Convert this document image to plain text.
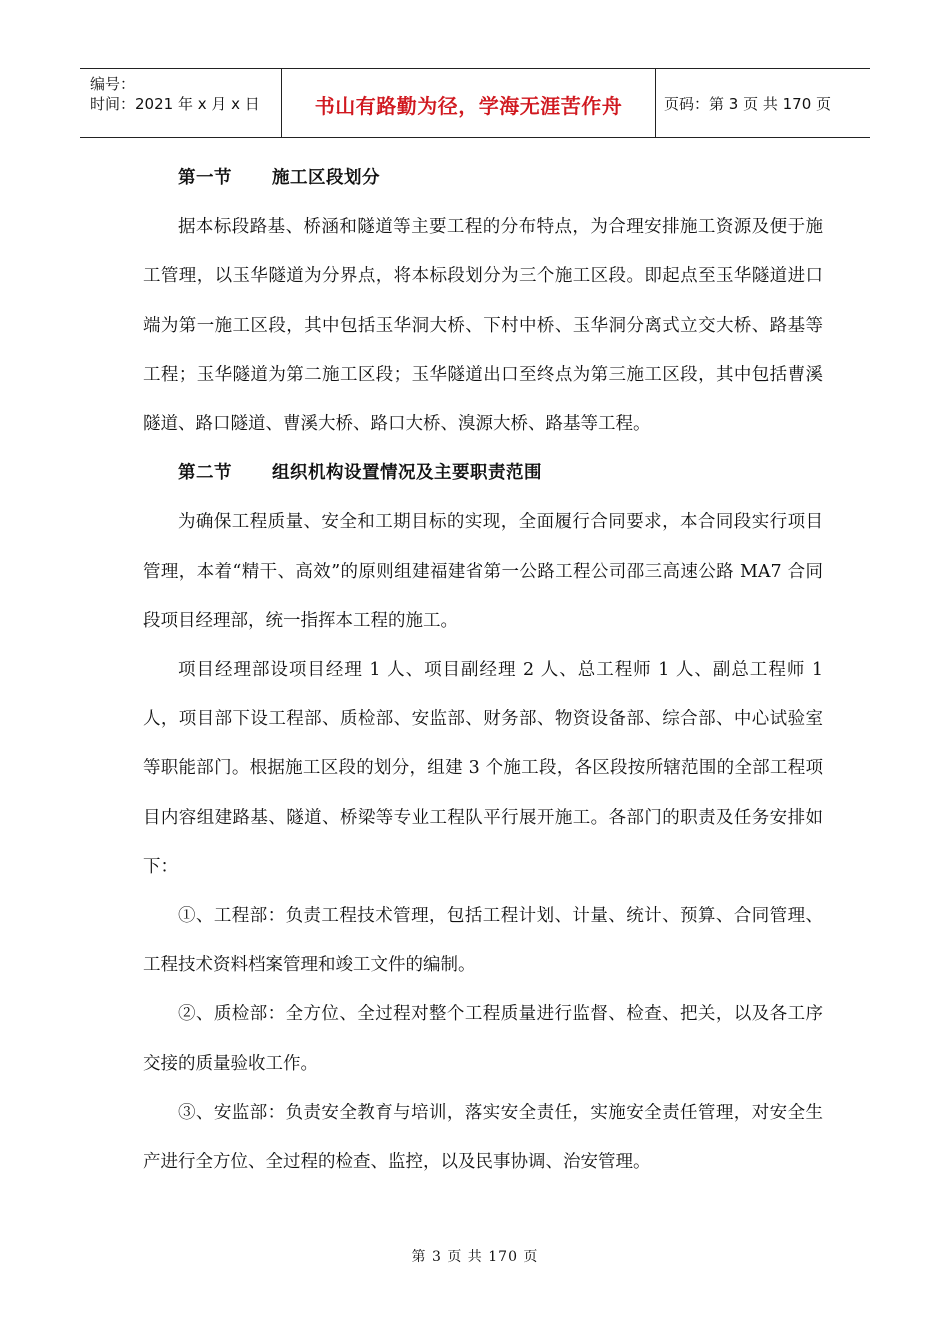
编号：
时间：2021 年 x 月 x 日	书山有路勤为径，学海无涯苦作舟	页码：第 3 页 共 170 页
第一节 施工区段划分

据本标段路基、桥涵和隧道等主要工程的分布特点，为合理安排施工资源及便于施工管理，以玉华隧道为分界点，将本标段划分为三个施工区段。即起点至玉华隧道进口端为第一施工区段，其中包括玉华洞大桥、下村中桥、玉华洞分离式立交大桥、路基等工程；玉华隧道为第二施工区段；玉华隧道出口至终点为第三施工区段，其中包括曹溪隧道、路口隧道、曹溪大桥、路口大桥、溴源大桥、路基等工程。

第二节 组织机构设置情况及主要职责范围

为确保工程质量、安全和工期目标的实现，全面履行合同要求，本合同段实行项目管理，本着“精干、高效”的原则组建福建省第一公路工程公司邵三高速公路 MA7 合同段项目经理部，统一指挥本工程的施工。

项目经理部设项目经理 1 人、项目副经理 2 人、总工程师 1 人、副总工程师 1 人，项目部下设工程部、质检部、安监部、财务部、物资设备部、综合部、中心试验室等职能部门。根据施工区段的划分，组建 3 个施工段，各区段按所辖范围的全部工程项目内容组建路基、隧道、桥梁等专业工程队平行展开施工。各部门的职责及任务安排如下：

①、工程部：负责工程技术管理，包括工程计划、计量、统计、预算、合同管理、工程技术资料档案管理和竣工文件的编制。

②、质检部：全方位、全过程对整个工程质量进行监督、检查、把关，以及各工序交接的质量验收工作。

③、安监部：负责安全教育与培训，落实安全责任，实施安全责任管理，对安全生产进行全方位、全过程的检查、监控，以及民事协调、治安管理。

第 3 页 共 170 页
